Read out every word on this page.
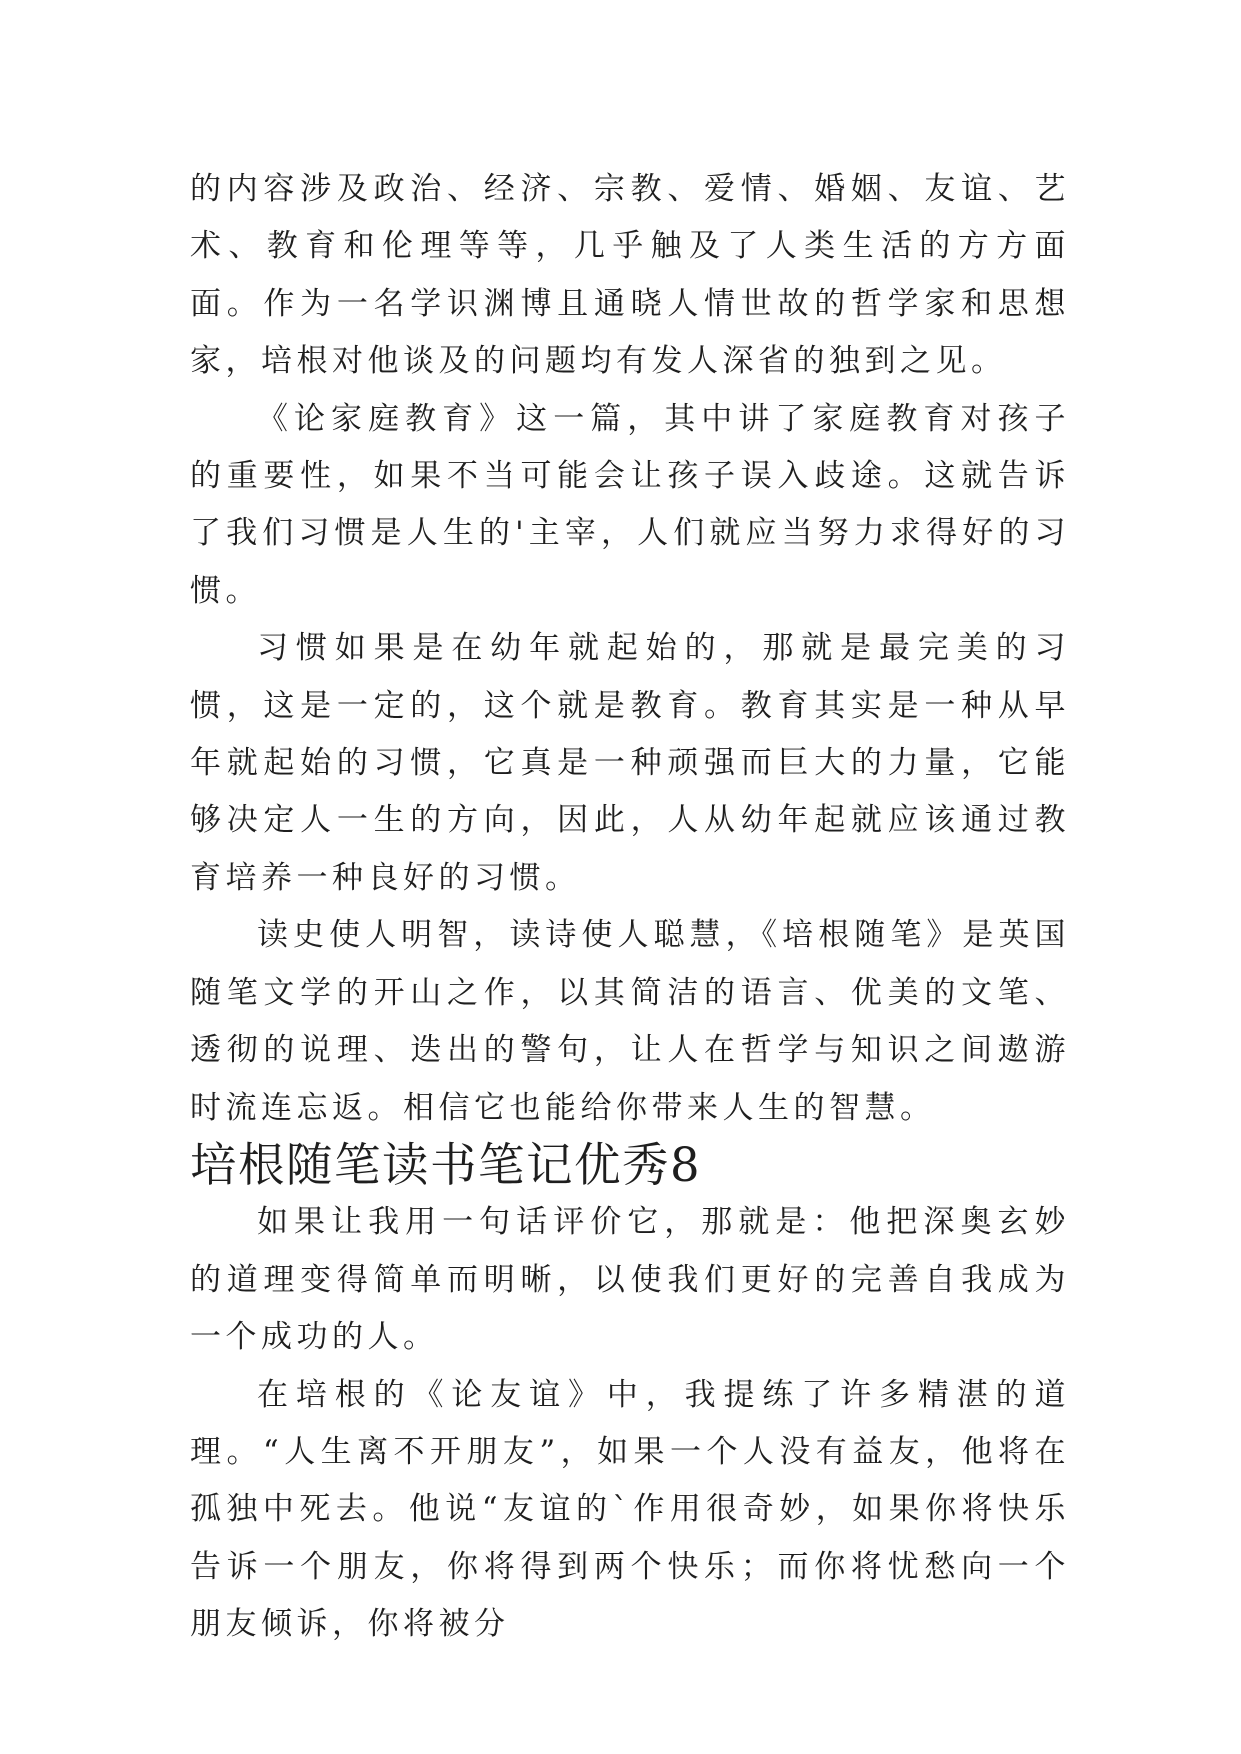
的内容涉及政治、经济、宗教、爱情、婚姻、友谊、艺术、教育和伦理等等，几乎触及了人类生活的方方面面。作为一名学识渊博且通晓人情世故的哲学家和思想家，培根对他谈及的问题均有发人深省的独到之见。

《论家庭教育》这一篇，其中讲了家庭教育对孩子的重要性，如果不当可能会让孩子误入歧途。这就告诉了我们习惯是人生的'主宰，人们就应当努力求得好的习惯。

习惯如果是在幼年就起始的，那就是最完美的习惯，这是一定的，这个就是教育。教育其实是一种从早年就起始的习惯，它真是一种顽强而巨大的力量，它能够决定人一生的方向，因此，人从幼年起就应该通过教育培养一种良好的习惯。

读史使人明智，读诗使人聪慧，《培根随笔》是英国随笔文学的开山之作，以其简洁的语言、优美的文笔、透彻的说理、迭出的警句，让人在哲学与知识之间遨游时流连忘返。相信它也能给你带来人生的智慧。

培根随笔读书笔记优秀8

如果让我用一句话评价它，那就是：他把深奥玄妙的道理变得简单而明晰，以使我们更好的完善自我成为一个成功的人。

在培根的《论友谊》中，我提练了许多精湛的道理。“人生离不开朋友”，如果一个人没有益友，他将在孤独中死去。他说“友谊的`作用很奇妙，如果你将快乐告诉一个朋友，你将得到两个快乐；而你将忧愁向一个朋友倾诉，你将被分
